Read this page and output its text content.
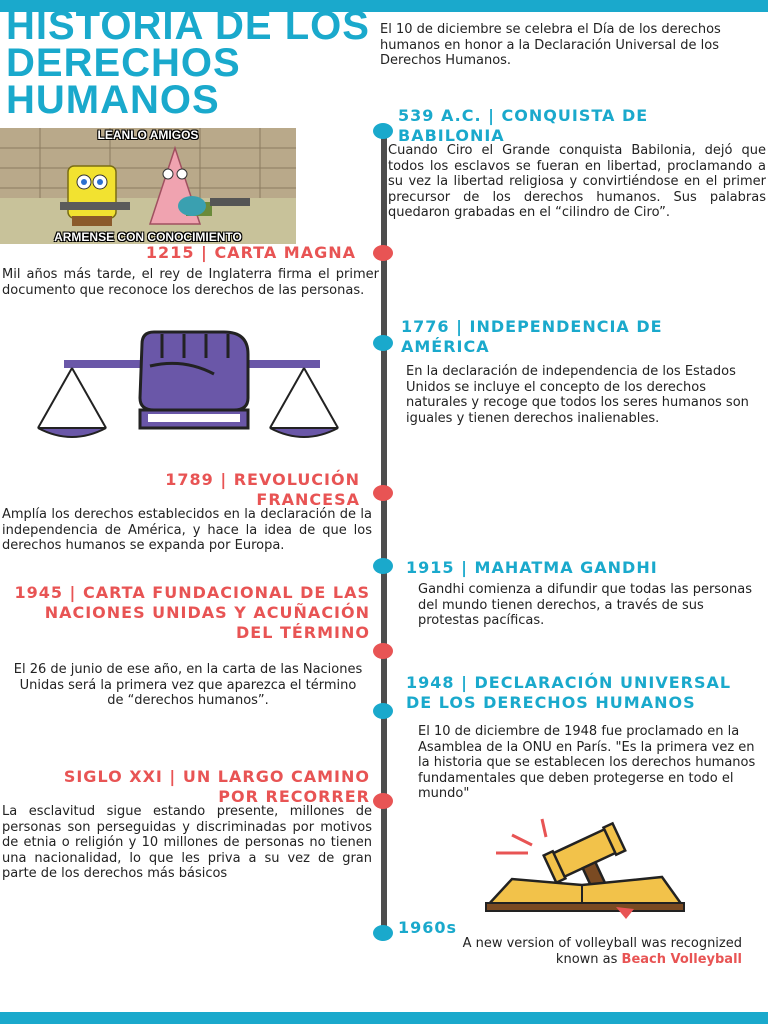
HISTORIA DE LOS
DERECHOS
HUMANOS
El 10 de diciembre se celebra el Día de los derechos humanos en honor a la Declaración Universal de los Derechos Humanos.
LEANLO AMIGOS
ARMENSE CON CONOCIMIENTO
539 A.C. | CONQUISTA DE BABILONIA
Cuando Ciro el Grande conquista Babilonia, dejó que todos los esclavos se fueran en libertad, proclamando a su vez la libertad religiosa y convirtiéndose en el primer precursor de los derechos humanos. Sus palabras quedaron grabadas en el “cilindro de Ciro”.
1215 | CARTA MAGNA
Mil años más tarde, el rey de Inglaterra firma el primer documento que reconoce los derechos de las personas.
1776 | INDEPENDENCIA DE AMÉRICA
En la declaración de independencia de los Estados Unidos se incluye el concepto de los derechos naturales y recoge que todos los seres humanos son iguales y tienen derechos inalienables.
1789 | REVOLUCIÓN FRANCESA
Amplía los derechos establecidos en la declaración de la independencia de América, y hace la idea de que los derechos humanos se expanda por Europa.
1915 | MAHATMA GANDHI
Gandhi comienza a difundir que todas las personas del mundo tienen derechos, a través de sus protestas pacíficas.
1945 | CARTA FUNDACIONAL DE LAS NACIONES UNIDAS Y ACUÑACIÓN DEL TÉRMINO
El 26 de junio de ese año, en la carta de las Naciones Unidas será la primera vez que aparezca el término de “derechos humanos”.
1948 | DECLARACIÓN UNIVERSAL DE LOS DERECHOS HUMANOS
El 10 de diciembre de 1948 fue proclamado en la Asamblea de la ONU en París. "Es la primera vez en la historia que se establecen los derechos humanos fundamentales que deben protegerse en todo el mundo"
SIGLO XXI | UN LARGO CAMINO POR RECORRER
La esclavitud sigue estando presente, millones de personas son perseguidas y discriminadas por motivos de etnia o religión y 10 millones de personas no tienen una nacionalidad, lo que les priva a su vez de gran parte de los derechos más básicos
1960s
A new version of volleyball was recognized known as Beach Volleyball
